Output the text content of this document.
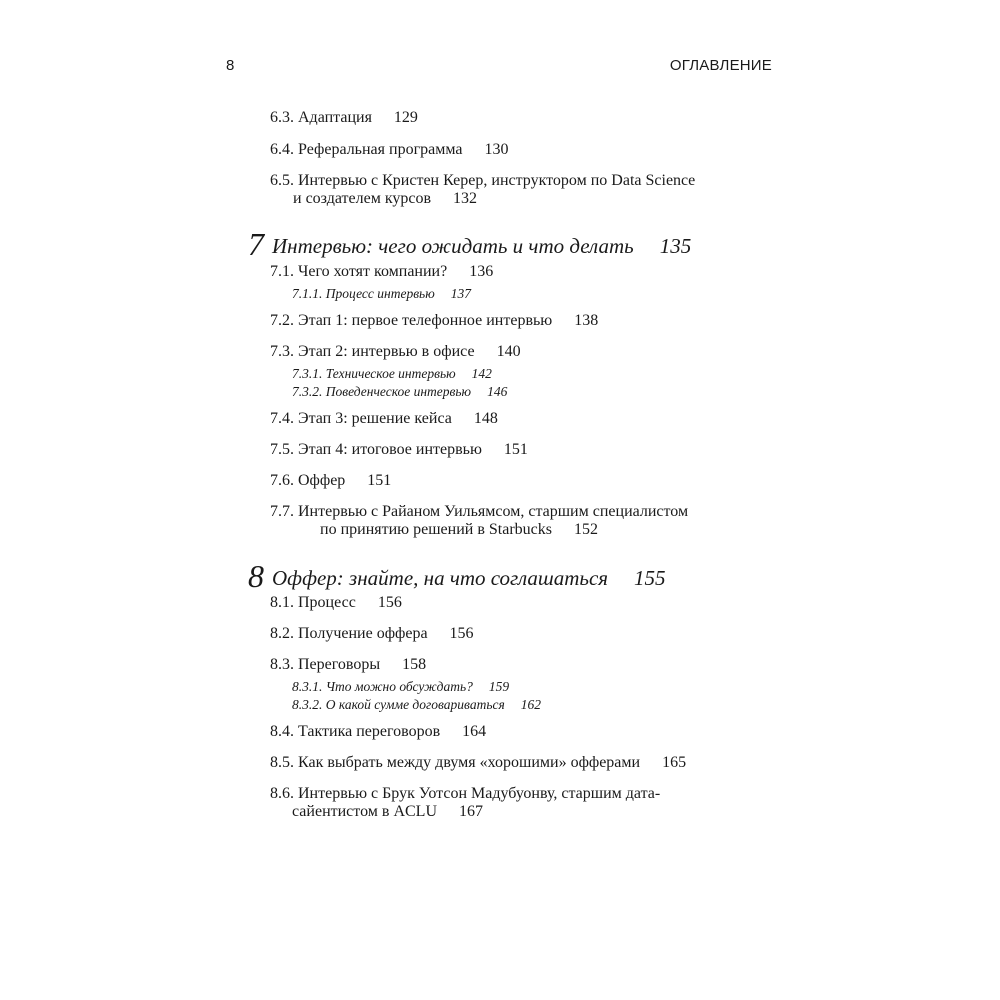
8	ОГЛАВЛЕНИЕ
6.3. Адаптация 129
6.4. Реферальная программа 130
6.5. Интервью с Кристен Керер, инструктором по Data Science
и создателем курсов 132
7 Интервью: чего ожидать и что делать 135
7.1. Чего хотят компании? 136
7.1.1. Процесс интервью 137
7.2. Этап 1: первое телефонное интервью 138
7.3. Этап 2: интервью в офисе 140
7.3.1. Техническое интервью 142
7.3.2. Поведенческое интервью 146
7.4. Этап 3: решение кейса 148
7.5. Этап 4: итоговое интервью 151
7.6. Оффер 151
7.7. Интервью с Райаном Уильямсом, старшим специалистом
по принятию решений в Starbucks 152
8 Оффер: знайте, на что соглашаться 155
8.1. Процесс 156
8.2. Получение оффера 156
8.3. Переговоры 158
8.3.1. Что можно обсуждать? 159
8.3.2. О какой сумме договариваться 162
8.4. Тактика переговоров 164
8.5. Как выбрать между двумя «хорошими» офферами 165
8.6. Интервью с Брук Уотсон Мадубуонву, старшим дата-
сайентистом в ACLU 167
